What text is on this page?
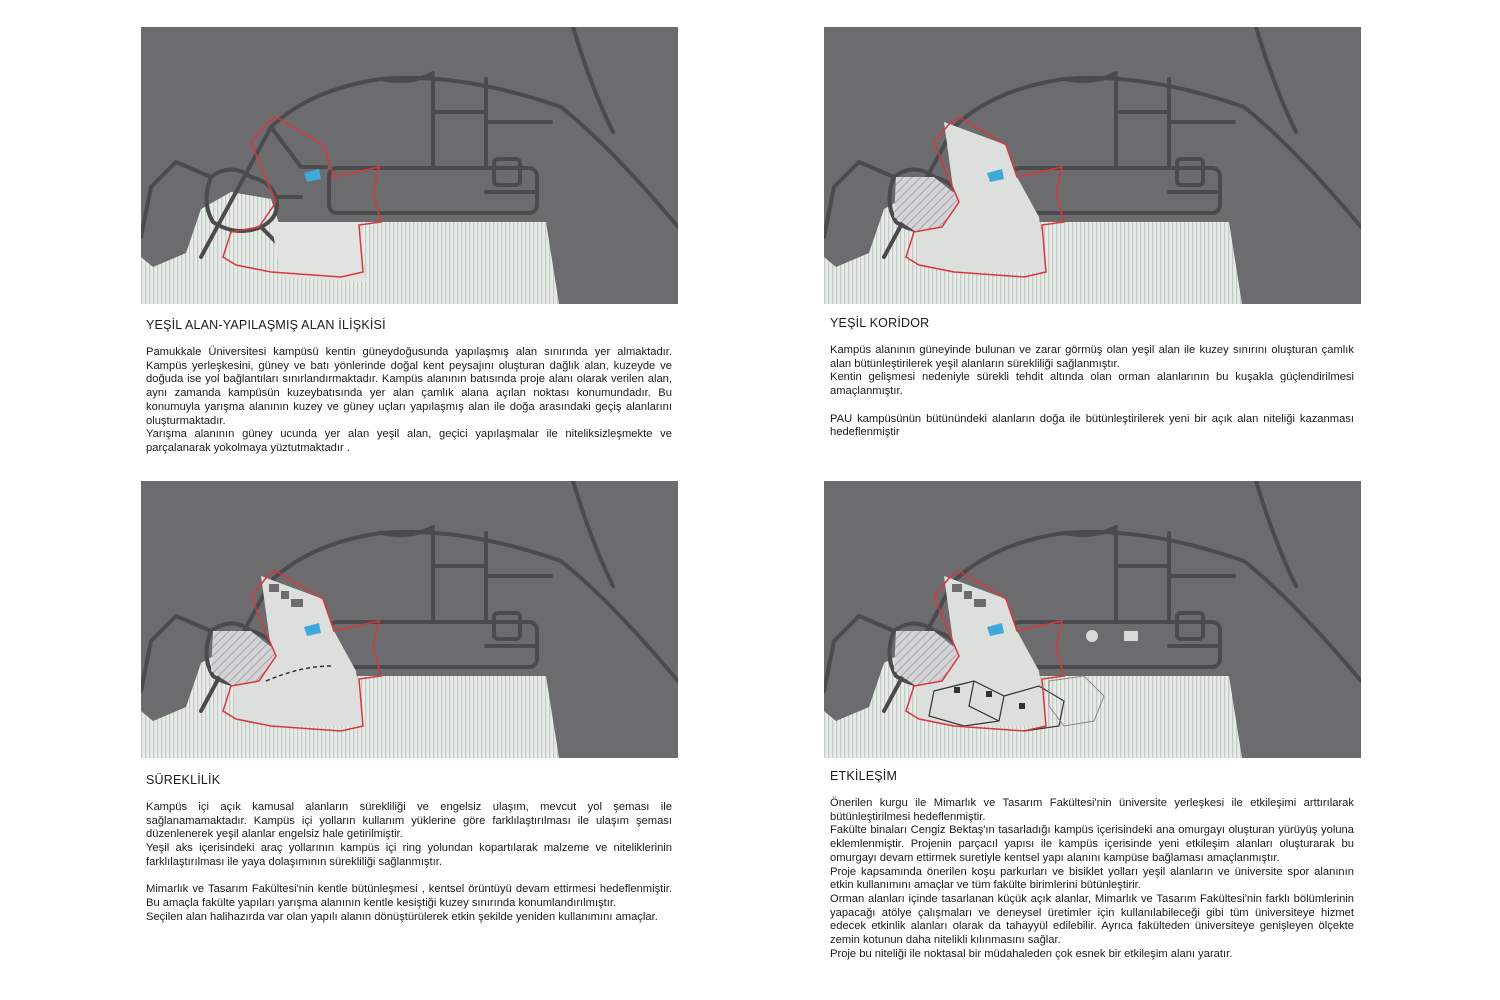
YEŞİL ALAN-YAPILAŞMIŞ ALAN İLİŞKİSİ

Pamukkale Üniversitesi kampüsü kentin güneydoğusunda yapılaşmış alan sınırında yer almaktadır. Kampüs yerleşkesini, güney ve batı yönlerinde doğal kent peysajını oluşturan dağlık alan, kuzeyde ve doğuda ise yol bağlantıları sınırlandırmaktadır. Kampüs alanının batısında proje alanı olarak verilen alan, aynı zamanda kampüsün kuzeybatısında yer alan çamlık alana açılan noktası konumundadır. Bu konumuyla yarışma alanının kuzey ve güney uçları yapılaşmış alan ile doğa arasındaki geçiş alanlarını oluşturmaktadır.

Yarışma alanının güney ucunda yer alan yeşil alan, geçici yapılaşmalar ile niteliksizleşmekte ve parçalanarak yokolmaya yüztutmaktadır .

YEŞİL KORİDOR

Kampüs alanının güneyinde bulunan ve zarar görmüş olan yeşil alan ile kuzey sınırını oluşturan çamlık alan bütünleştirilerek yeşil alanların sürekliliği sağlanmıştır.

Kentin gelişmesi nedeniyle sürekli tehdit altında olan orman alanlarının bu kuşakla güçlendirilmesi amaçlanmıştır.

PAU kampüsünün bütünündeki alanların doğa ile bütünleştirilerek yeni bir açık alan niteliği kazanması hedeflenmiştir

SÜREKLİLİK

Kampüs içi açık kamusal alanların sürekliliği ve engelsiz ulaşım, mevcut yol şeması ile sağlanamamaktadır. Kampüs içi yolların kullanım yüklerine göre farklılaştırılması ile ulaşım şeması düzenlenerek yeşil alanlar engelsiz hale getirilmiştir.

Yeşil aks içerisindeki araç yollarının kampüs içi ring yolundan kopartılarak malzeme ve niteliklerinin farklılaştırılması ile yaya dolaşımının sürekliliği sağlanmıştır.

Mimarlık ve Tasarım Fakültesi'nin kentle bütünleşmesi , kentsel örüntüyü devam ettirmesi hedeflenmiştir. Bu amaçla fakülte yapıları yarışma alanının kentle kesiştiği kuzey sınırında konumlandırılmıştır.

Seçilen alan halihazırda var olan yapılı alanın dönüştürülerek etkin şekilde yeniden kullanımını amaçlar.

ETKİLEŞİM

Önerilen kurgu ile Mimarlık ve Tasarım Fakültesi'nin üniversite yerleşkesi ile etkileşimi arttırılarak bütünleştirilmesi hedeflenmiştir.

Fakülte binaları Cengiz Bektaş'ın tasarladığı kampüs içerisindeki ana omurgayı oluşturan yürüyüş yoluna eklemlenmiştir. Projenin parçacıl yapısı ile kampüs içerisinde yeni etkileşim alanları oluşturarak bu omurgayı devam ettirmek suretiyle kentsel yapı alanını kampüse bağlaması amaçlanmıştır.

Proje kapsamında önerilen koşu parkurları ve bisiklet yolları yeşil alanların ve üniversite spor alanının etkin kullanımını amaçlar ve tüm fakülte birimlerini bütünleştirir.

Orman alanları içinde tasarlanan küçük açık alanlar, Mimarlık ve Tasarım Fakültesi'nin farklı bölümlerinin yapacağı atölye çalışmaları ve deneysel üretimler için kullanılabileceği gibi tüm üniversiteye hizmet edecek etkinlik alanları olarak da tahayyül edilebilir. Ayrıca fakülteden üniversiteye genişleyen ölçekte zemin kotunun daha nitelikli kılınmasını sağlar.

Proje bu niteliği ile noktasal bir müdahaleden çok esnek bir etkileşim alanı yaratır.
